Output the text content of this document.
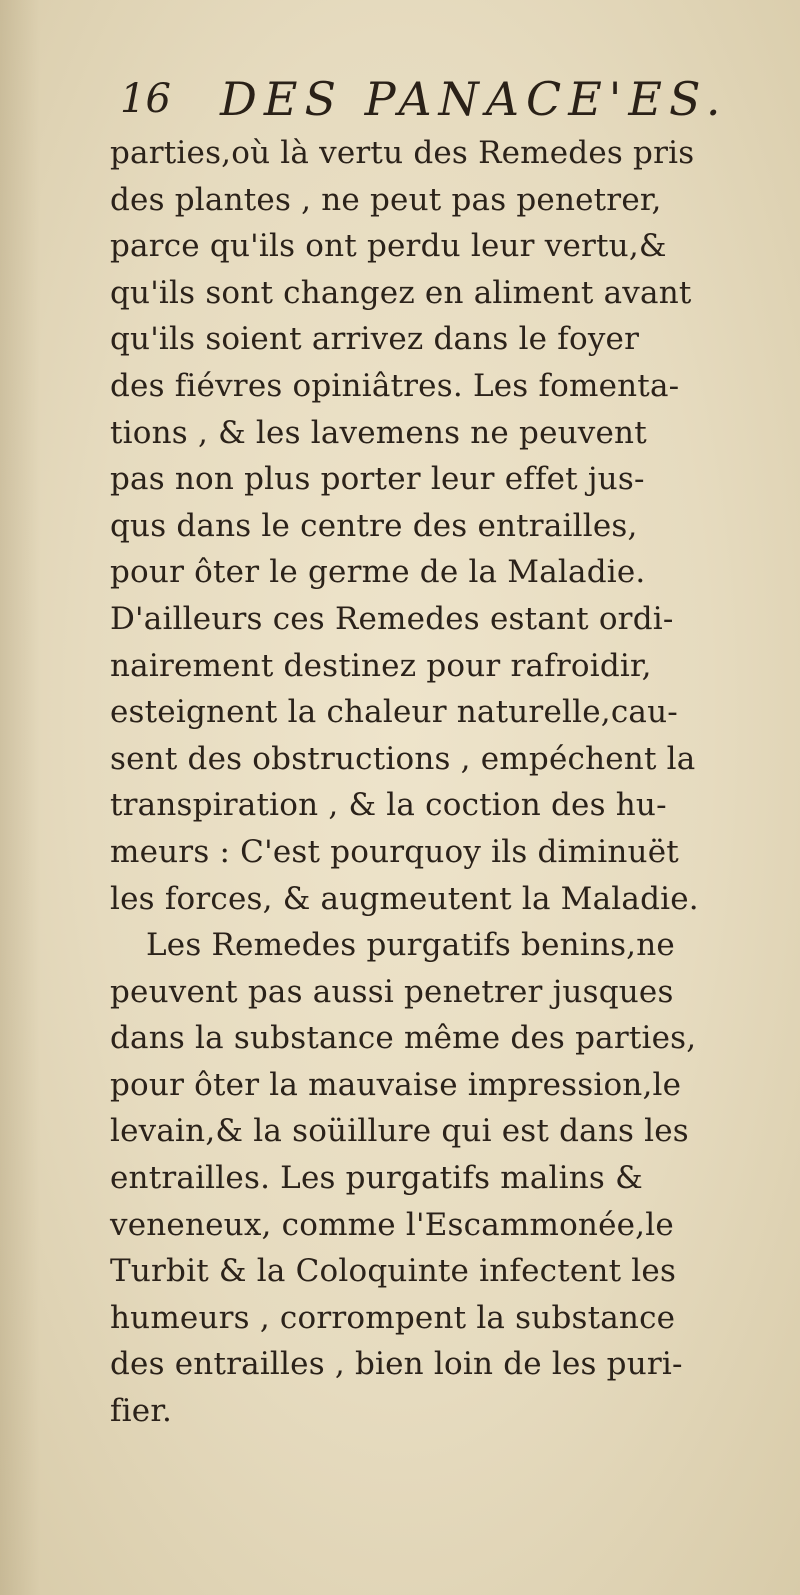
16 DES PANACE'ES.
parties,où là vertu des Remedes pris
des plantes , ne peut pas penetrer,
parce qu'ils ont perdu leur vertu,&
qu'ils sont changez en aliment avant
qu'ils soient arrivez dans le foyer
des fiévres opiniâtres. Les fomenta-
tions , & les lavemens ne peuvent
pas non plus porter leur effet jus-
qus dans le centre des entrailles,
pour ôter le germe de la Maladie.
D'ailleurs ces Remedes estant ordi-
nairement destinez pour rafroidir,
esteignent la chaleur naturelle,cau-
sent des obstructions , empéchent la
transpiration , & la coction des hu-
meurs : C'est pourquoy ils diminuët
les forces, & augmeutent la Maladie.
Les Remedes purgatifs benins,ne
peuvent pas aussi penetrer jusques
dans la substance même des parties,
pour ôter la mauvaise impression,le
levain,& la soüillure qui est dans les
entrailles. Les purgatifs malins &
veneneux, comme l'Escammonée,le
Turbit & la Coloquinte infectent les
humeurs , corrompent la substance
des entrailles , bien loin de les puri-
fier.
